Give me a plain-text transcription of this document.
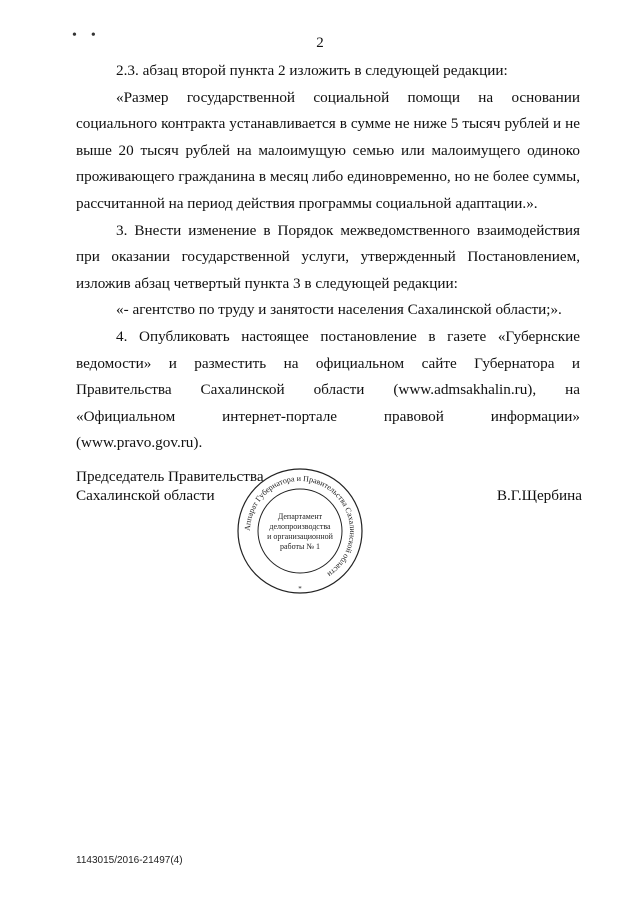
••	2

2.3. абзац второй пункта 2 изложить в следующей редакции:

«Размер государственной социальной помощи на основании социального контракта устанавливается в сумме не ниже 5 тысяч рублей и не выше 20 тысяч рублей на малоимущую семью или малоимущего одиноко проживающего гражданина в месяц либо единовременно, но не более суммы, рассчитанной на период действия программы социальной адаптации.».

3. Внести изменение в Порядок межведомственного взаимодействия при оказании государственной услуги, утвержденный Постановлением, изложив абзац четвертый пункта 3 в следующей редакции:

«- агентство по труду и занятости населения Сахалинской области;».

4. Опубликовать настоящее постановление в газете «Губернские ведомости» и разместить на официальном сайте Губернатора и Правительства Сахалинской области (www.admsakhalin.ru), на «Официальном интернет-портале правовой информации» (www.pravo.gov.ru).

Председатель Правительства
Сахалинской области	В.Г.Щербина
Аппарат Губернатора и Правительства Сахалинской области
Департамент
делопроизводства
и организационной
работы № 1
*
1143015/2016-21497(4)
